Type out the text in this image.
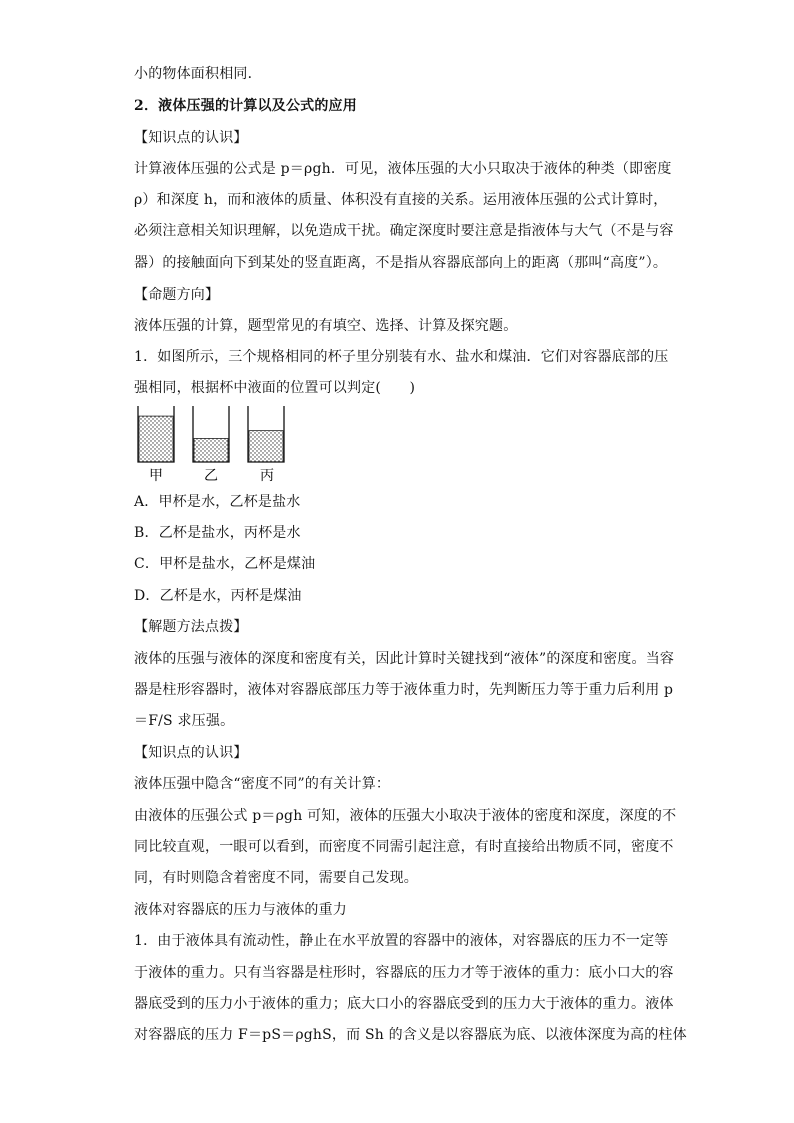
小的物体面积相同．
2．液体压强的计算以及公式的应用
【知识点的认识】
计算液体压强的公式是 p＝ρgh．可见，液体压强的大小只取决于液体的种类（即密度
ρ）和深度 h，而和液体的质量、体积没有直接的关系。运用液体压强的公式计算时，
必须注意相关知识理解，以免造成干扰。确定深度时要注意是指液体与大气（不是与容
器）的接触面向下到某处的竖直距离，不是指从容器底部向上的距离（那叫“高度”）。
【命题方向】
液体压强的计算，题型常见的有填空、选择、计算及探究题。
1．如图所示，三个规格相同的杯子里分别装有水、盐水和煤油．它们对容器底部的压
强相同，根据杯中液面的位置可以判定(　　)
甲	乙	丙
A．甲杯是水，乙杯是盐水
B．乙杯是盐水，丙杯是水
C．甲杯是盐水，乙杯是煤油
D．乙杯是水，丙杯是煤油
【解题方法点拨】
液体的压强与液体的深度和密度有关，因此计算时关键找到“液体”的深度和密度。当容
器是柱形容器时，液体对容器底部压力等于液体重力时，先判断压力等于重力后利用 p
＝F/S 求压强。
【知识点的认识】
液体压强中隐含“密度不同”的有关计算：
由液体的压强公式 p＝ρgh 可知，液体的压强大小取决于液体的密度和深度，深度的不
同比较直观，一眼可以看到，而密度不同需引起注意，有时直接给出物质不同，密度不
同，有时则隐含着密度不同，需要自己发现。
液体对容器底的压力与液体的重力
1．由于液体具有流动性，静止在水平放置的容器中的液体，对容器底的压力不一定等
于液体的重力。只有当容器是柱形时，容器底的压力才等于液体的重力：底小口大的容
器底受到的压力小于液体的重力；底大口小的容器底受到的压力大于液体的重力。液体
对容器底的压力 F＝pS＝ρghS，而 Sh 的含义是以容器底为底、以液体深度为高的柱体
